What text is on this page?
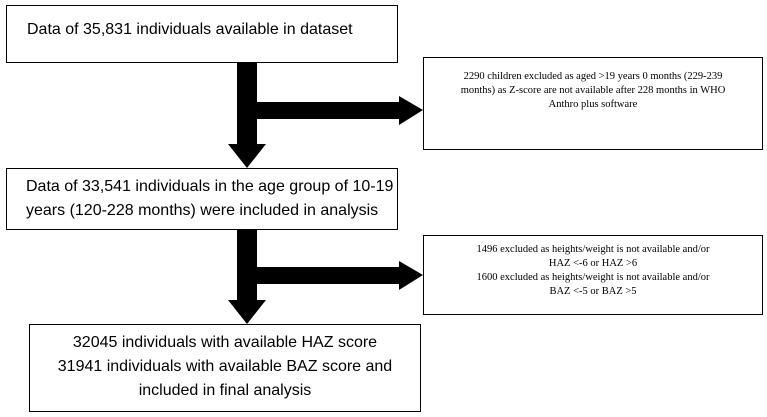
Data of 35,831 individuals available in dataset
2290 children excluded as aged >19 years 0 months (229-239
months) as Z-score are not available after 228 months in WHO
Anthro plus software
Data of 33,541 individuals in the age group of 10-19
years (120-228 months) were included in analysis
1496 excluded as heights/weight is not available and/or
HAZ <-6 or HAZ >6
1600 excluded as heights/weight is not available and/or
BAZ <-5 or BAZ >5
32045 individuals with available HAZ score
31941 individuals with available BAZ score and
included in final analysis
